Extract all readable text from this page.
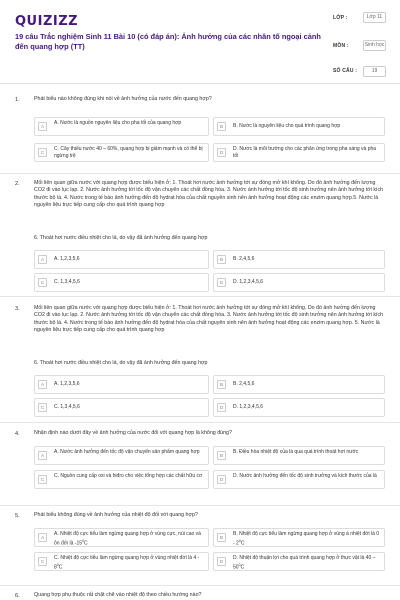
QUIZIZZ
19 câu Trắc nghiệm Sinh 11 Bài 10 (có đáp án): Ảnh hưởng của các nhân tố ngoại cảnh đến quang hợp (TT)
LỚP :	Lớp 11
MÔN :	Sinh học
SỐ CÂU :	19
1.	Phát biểu nào không đúng khi nói về ảnh hưởng của nước đến quang hợp?
A
A. Nước là nguồn nguyên liệu cho pha tối của quang hợp
B	B. Nước là nguyên liệu cho quá trình quang hợp
C
C. Cây thiếu nước 40 – 60%, quang hợp bị giảm mạnh và có thể bị ngừng trệ
D
D. Nước là môi trường cho các phản ứng trong pha sáng và pha tối
2.	Mối liên quan giữa nước với quang hợp được biểu hiện ở: 1. Thoát hơi nước ảnh hưởng tới sự đóng mở khí khổng. Do đó ảnh hưởng đến lượng CO2 đi vào lục lạp. 2. Nước ảnh hưởng tới tốc độ vận chuyển các chất đồng hóa. 3. Nước ảnh hưởng tới tốc độ sinh trưởng nên ảnh hưởng tới kích thước bộ lá. 4. Nước trong tế bào ảnh hưởng đến độ hydrat hóa của chất nguyên sinh nên ảnh hưởng hoạt động các enzim quang hợp.5. Nước là nguyên liệu trực tiếp cung cấp cho quá trình quang hợp
6. Thoát hơi nước điều nhiệt cho lá, do vậy đã ảnh hưởng đến quang hợp
A	A. 1,2,3,5,6	B	B. 2,4,5,6
C	C. 1,3,4,5,6	D	D. 1,2,3,4,5,6
3.	Mối liên quan giữa nước với quang hợp được biểu hiện ở: 1. Thoát hơi nước ảnh hưởng tới sự đóng mở khí khổng. Do đó ảnh hưởng đến lượng CO2 đi vào lục lạp. 2. Nước ảnh hưởng tới tốc độ vận chuyển các chất đồng hóa. 3. Nước ảnh hưởng tới tốc độ sinh trưởng nên ảnh hưởng tới kích thước bộ lá. 4. Nước trong tế bào ảnh hưởng đến độ hydrat hóa của chất nguyên sinh nên ảnh hưởng hoạt động các enzim quang hợp. 5. Nước là nguyên liệu trực tiếp cung cấp cho quá trình quang hợp
6. Thoát hơi nước điều nhiệt cho lá, do vậy đã ảnh hưởng đến quang hợp
A	A. 1,2,3,5,6	B	B. 2,4,5,6
C	C. 1,3,4,5,6	D	D. 1,2,3,4,5,6
4.	Nhận định nào dưới đây về ảnh hưởng của nước đối với quang hợp là không đúng?
A
A. Nước ảnh hưởng đến tốc độ vận chuyển sản phẩm quang hợp
B
B. Điều hòa nhiệt độ của lá qua quá trình thoát hơi nước
C
C. Nguồn cung cấp oxi và hiđro cho việc tổng hợp các chất hữu cơ
D
D. Nước ảnh hưởng đến tốc độ sinh trưởng và kích thước của lá
5.	Phát biểu không đúng về ảnh hưởng của nhiệt độ đối với quang hợp?
A
A. Nhiệt độ cực tiểu làm ngừng quang hợp ở vùng cực, núi cao và ôn đới là $-15^0C$
B
B. Nhiệt độ cực tiểu làm ngừng quang hợp ở vùng á nhiệt đới là $0 - 2^0C$
C
C. Nhiệt độ cực tiểu làm ngừng quang hợp ở vùng nhiệt đới là $4 - 8^0C$
D
D. Nhiệt độ thuận lợi cho quá trình quang hợp ở thực vật là $40 - 50^0C$
6.	Quang hợp phụ thuộc rất chặt chẽ vào nhiệt độ theo chiều hướng nào?
